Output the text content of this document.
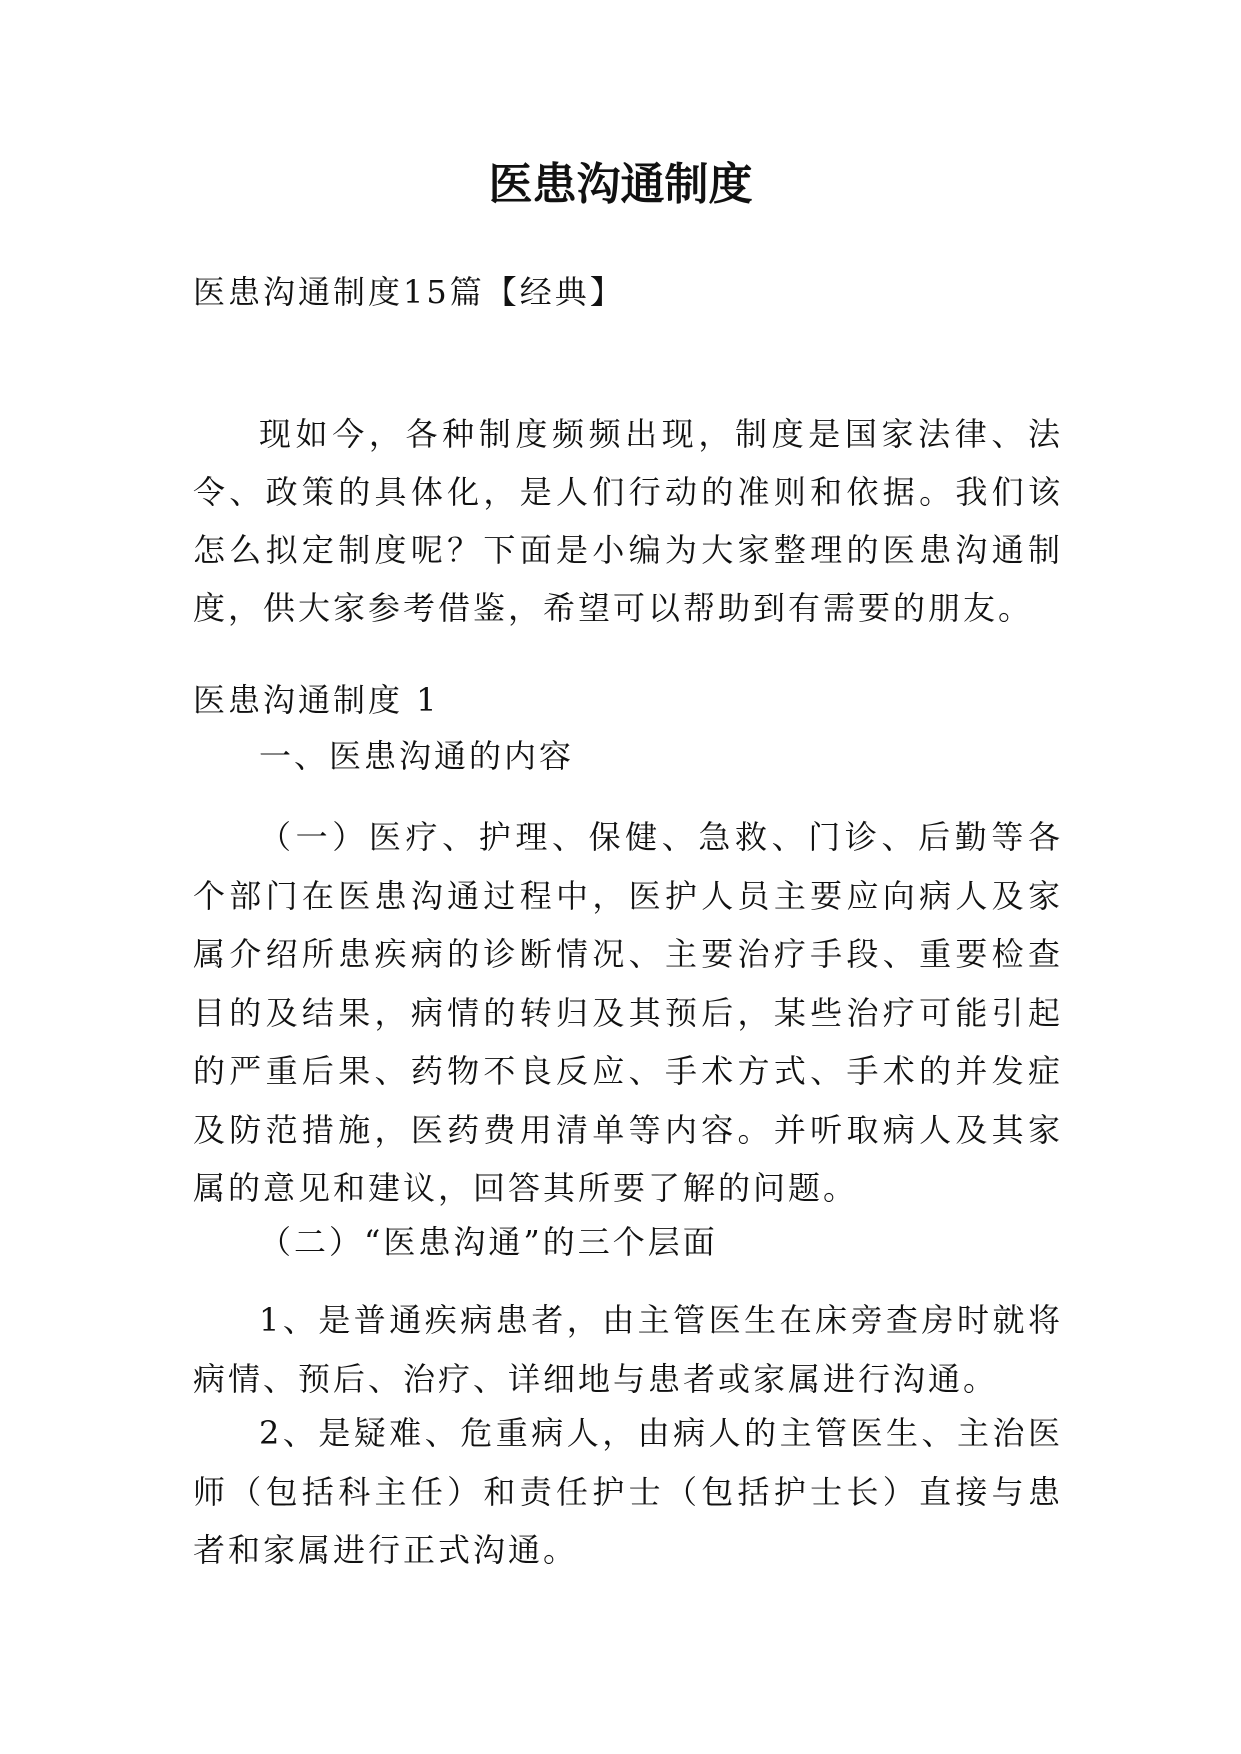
医患沟通制度

医患沟通制度15篇【经典】

现如今，各种制度频频出现，制度是国家法律、法令、政策的具体化，是人们行动的准则和依据。我们该怎么拟定制度呢？下面是小编为大家整理的医患沟通制度，供大家参考借鉴，希望可以帮助到有需要的朋友。

医患沟通制度 1

一、医患沟通的内容

（一）医疗、护理、保健、急救、门诊、后勤等各个部门在医患沟通过程中，医护人员主要应向病人及家属介绍所患疾病的诊断情况、主要治疗手段、重要检查目的及结果，病情的转归及其预后，某些治疗可能引起的严重后果、药物不良反应、手术方式、手术的并发症及防范措施，医药费用清单等内容。并听取病人及其家属的意见和建议，回答其所要了解的问题。

（二）“医患沟通”的三个层面

1、是普通疾病患者，由主管医生在床旁查房时就将病情、预后、治疗、详细地与患者或家属进行沟通。

2、是疑难、危重病人，由病人的主管医生、主治医师（包括科主任）和责任护士（包括护士长）直接与患者和家属进行正式沟通。
